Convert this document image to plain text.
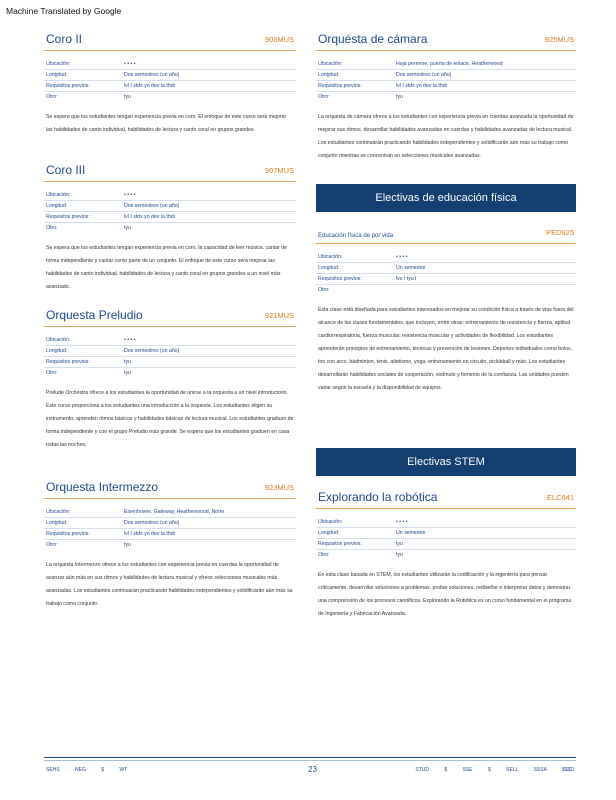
Machine Translated by Google
Coro II	903MUS
Ubicación:	• • • •
Longitud:	Dos semestres (un año)
Requisitos previos:	lvl I stds yo dev la thdi
Otro:	tyu

Se espera que los estudiantes tengan experiencia previa en coro. El enfoque de este curso será mejorar las habilidades de canto individual, habilidades de lectura y canto coral en grupos grandes.

Coro III	907MUS
Ubicación:	• • • •
Longitud:	Dos semestres (un año)
Requisitos previos:	lvl I stds yo dev la thdi
Otro:	tyu

Se espera que los estudiantes tengan experiencia previa en coro, la capacidad de leer música, cantar de forma independiente y cantar como parte de un conjunto. El enfoque de este curso será mejorar las habilidades de canto individual, habilidades de lectura y canto coral en grupos grandes a un nivel más avanzado.

Orquesta Preludio	921MUS
Ubicación:	• • • •
Longitud:	Dos semestres (un año)
Requisitos previos:	tyu
Otro:	tyu

Prelude Orchestra ofrece a los estudiantes la oportunidad de unirse a la orquesta a un nivel introductorio. Este curso proporciona a los estudiantes una introducción a la orquesta. Los estudiantes eligen su instrumento, aprenden ritmos básicos y habilidades básicas de lectura musical. Los estudiantes graduan de forma independiente y con el grupo Preludio más grande. Se espera que los estudiantes graduen en casa todas las noches.

Orquesta Intermezzo	923MUS
Ubicación:	Eisenhower, Gateway, Heathenwood, Norte
Longitud:	Dos semestres (un año)
Requisitos previos:	lvl I stds yo dev la thdi
Otro:	tyu

La orquesta Intermezzo ofrece a los estudiantes con experiencia previa en cuerdas la oportunidad de avanzar aún más en sus ritmos y habilidades de lectura musical y ofrece selecciones musicales más avanzadas. Los estudiantes continuarán practicando habilidades independientes y solidificarán aún más su trabajo como conjunto.

Orquésta de cámara	925MUS
Ubicación:	Hoja perenne, puerta de enlace, Heatherwood
Longitud:	Dos semestres (un año)
Requisitos previos:	lvl I stds yo dev la thdi
Otro:	tyu

La orquesta de cámara ofrece a los estudiantes con experiencia previa en cuerdas avanzada la oportunidad de mejorar sus ritmos, desarrollar habilidades avanzadas en cuerdas y habilidades avanzadas de lectura musical. Los estudiantes continuarán practicando habilidades independientes y solidificarán aún más su trabajo como conjunto mientras se concentran en selecciones musicales avanzadas.

Electivas de educación física
Educación física de por vida	PED925
Ubicación:	• • • •
Longitud:	Un semestre
Requisitos previos:	lvs I tyu I
Otro:

Esta clase está diseñada para estudiantes interesados en mejorar su condición física a través de vías fuera del alcance de las clases fundamentales, que incluyen, entre otras: entrenamiento de resistencia y fuerza, aptitud cardiorrespiratoria, fuerza muscular, resistencia muscular y actividades de flexibilidad. Los estudiantes aprenderán principios de entrenamiento, técnicas y prevención de lesiones. Deportes individuales como bolos, tiro con arco, bádminton, tenis, atletismo, yoga, entrenamiento en circuito, pickleball y más. Los estudiantes desarrollarán habilidades sociales de cooperación, estímulo y fomento de la confianza. Las unidades pueden variar según la escuela y la disponibilidad de equipos.

Electivas STEM
Explorando la robótica	ELC641
Ubicación:	• • • •
Longitud:	Un semestre
Requisitos previos:	tyu
Otro:	tyu

En esta clase basada en STEM, los estudiantes utilizarán la codificación y la ingeniería para pensar críticamente, desarrollar soluciones a problemas, probar soluciones, rediseñar e interpretar datos y demostrar una comprensión de los procesos científicos. Explorando la Robótica es un curso fundamental en el programa de Ingeniería y Fabricación Avanzada.

SEHS NEG $ WT	23	STUD $ SSE $ SELL SSSA $$$D
